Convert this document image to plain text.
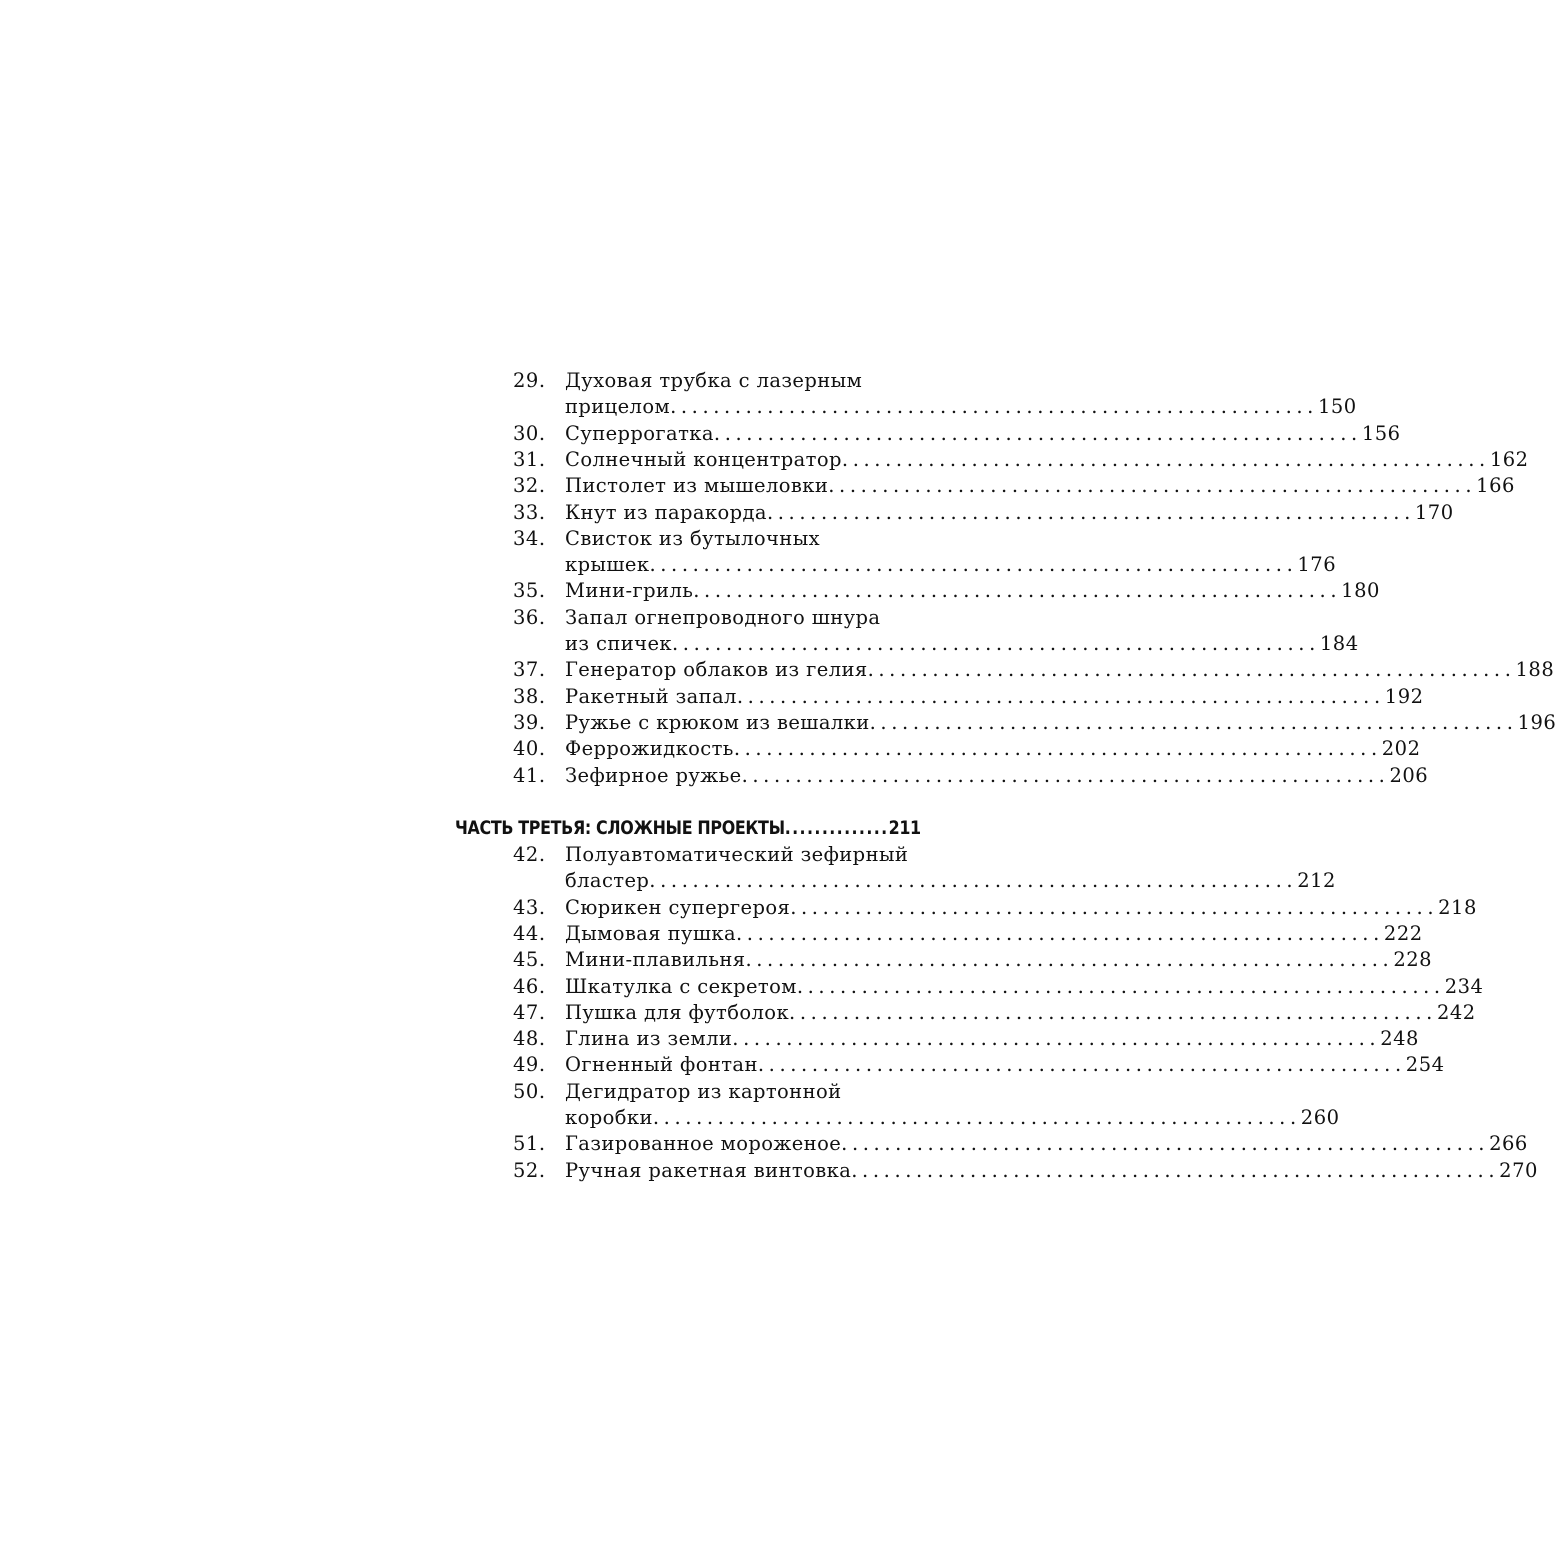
29. Духовая трубка с лазерным
прицелом ............................................................ 150
30. Суперрогатка ............................................................ 156
31. Солнечный концентратор ............................................................ 162
32. Пистолет из мышеловки ............................................................ 166
33. Кнут из паракорда ............................................................ 170
34. Свисток из бутылочных
крышек ............................................................ 176
35. Мини-гриль ............................................................ 180
36. Запал огнепроводного шнура
из спичек ............................................................ 184
37. Генератор облаков из гелия ............................................................ 188
38. Ракетный запал ............................................................ 192
39. Ружье с крюком из вешалки ............................................................ 196
40. Феррожидкость ............................................................ 202
41. Зефирное ружье ............................................................ 206
ЧАСТЬ ТРЕТЬЯ: СЛОЖНЫЕ ПРОЕКТЫ..............211
42. Полуавтоматический зефирный
бластер ............................................................ 212
43. Сюрикен супергероя ............................................................ 218
44. Дымовая пушка ............................................................ 222
45. Мини-плавильня ............................................................ 228
46. Шкатулка с секретом ............................................................ 234
47. Пушка для футболок ............................................................ 242
48. Глина из земли ............................................................ 248
49. Огненный фонтан ............................................................ 254
50. Дегидратор из картонной
коробки ............................................................ 260
51. Газированное мороженое ............................................................ 266
52. Ручная ракетная винтовка ............................................................ 270
